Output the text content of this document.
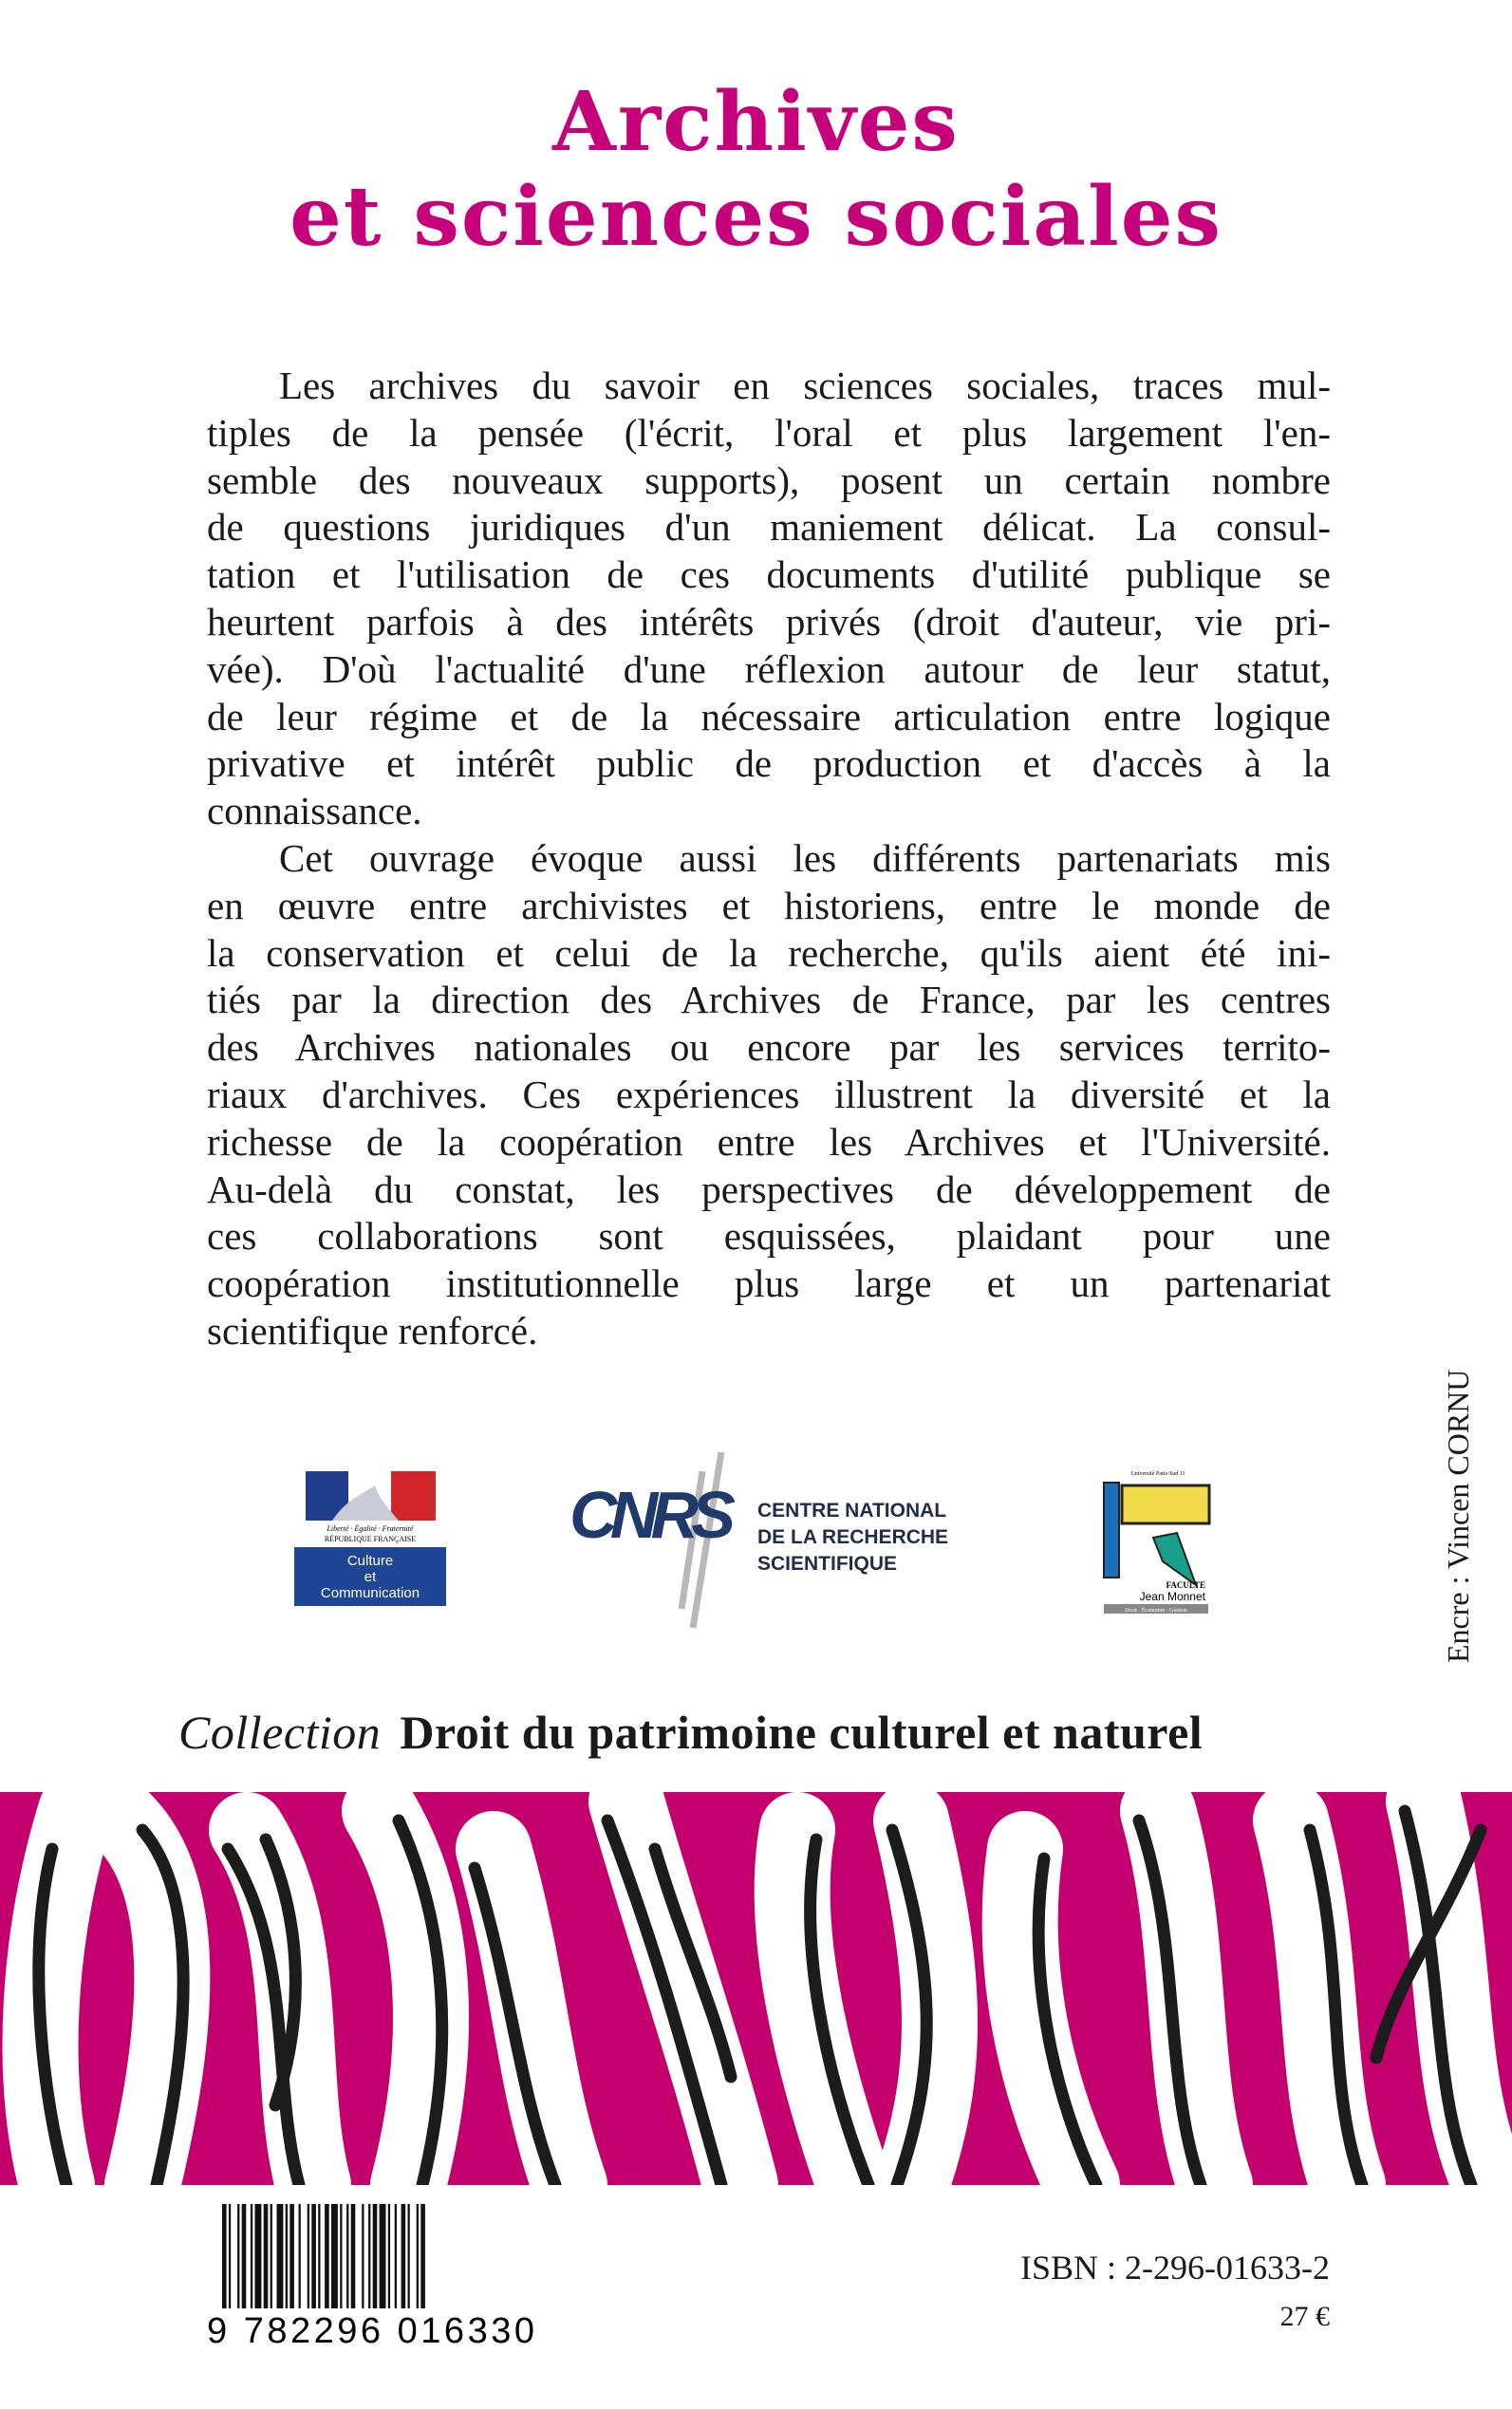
Archives
et sciences sociales
Les archives du savoir en sciences sociales, traces mul-
tiples de la pensée (l'écrit, l'oral et plus largement l'en-
semble des nouveaux supports), posent un certain nombre
de questions juridiques d'un maniement délicat. La consul-
tation et l'utilisation de ces documents d'utilité publique se
heurtent parfois à des intérêts privés (droit d'auteur, vie pri-
vée). D'où l'actualité d'une réflexion autour de leur statut,
de leur régime et de la nécessaire articulation entre logique
privative et intérêt public de production et d'accès à la
connaissance.
Cet ouvrage évoque aussi les différents partenariats mis
en œuvre entre archivistes et historiens, entre le monde de
la conservation et celui de la recherche, qu'ils aient été ini-
tiés par la direction des Archives de France, par les centres
des Archives nationales ou encore par les services territo-
riaux d'archives. Ces expériences illustrent la diversité et la
richesse de la coopération entre les Archives et l'Université.
Au-delà du constat, les perspectives de développement de
ces collaborations sont esquissées, plaidant pour une
coopération institutionnelle plus large et un partenariat
scientifique renforcé.
Liberté · Égalité · Fraternité
RÉPUBLIQUE FRANÇAISE
Culture
et
Communication
CNRS CENTRE NATIONAL
DE LA RECHERCHE
SCIENTIFIQUE
Université Paris-Sud 11
FACULTE
Jean Monnet
Droit · Économie · Gestion	Encre : Vincen CORNU
Collection Droit du patrimoine culturel et naturel
9 782296 016330
ISBN : 2-296-01633-2
27 €
